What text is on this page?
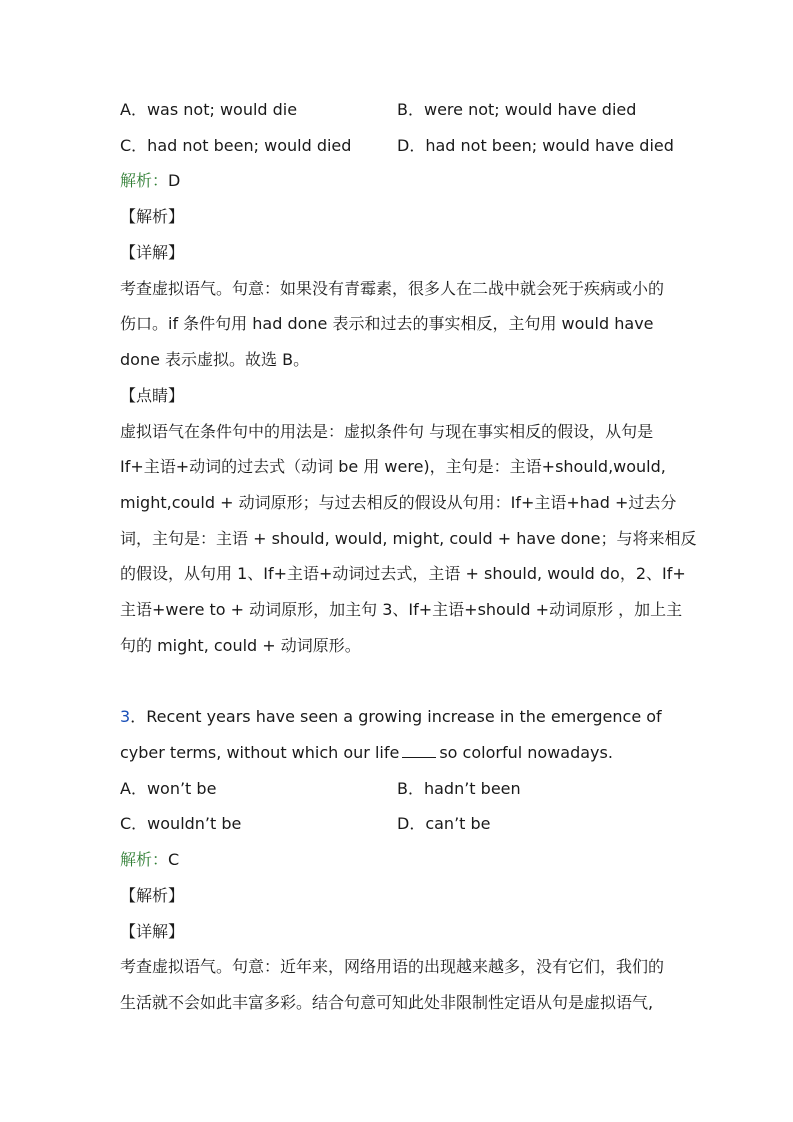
A．was not; would die	B．were not; would have died
C．had not been; would died	D．had not been; would have died
解析：D
【解析】
【详解】
考查虚拟语气。句意：如果没有青霉素，很多人在二战中就会死于疾病或小的
伤口。if 条件句用 had done 表示和过去的事实相反，主句用 would have
done 表示虚拟。故选 B。
【点睛】
虚拟语气在条件句中的用法是：虚拟条件句 与现在事实相反的假设，从句是
If+主语+动词的过去式（动词 be 用 were)，主句是：主语+should,would,
might,could + 动词原形；与过去相反的假设从句用：If+主语+had +过去分
词，主句是：主语 + should, would, might, could + have done；与将来相反
的假设，从句用 1、If+主语+动词过去式，主语 + should, would do，2、If+
主语+were to + 动词原形，加主句 3、If+主语+should +动词原形 ，加上主
句的 might, could + 动词原形。
3．Recent years have seen a growing increase in the emergence of
cyber terms, without which our life	so colorful nowadays.
A．won’t be	B．hadn’t been
C．wouldn’t be	D．can’t be
解析：C
【解析】
【详解】
考查虚拟语气。句意：近年来，网络用语的出现越来越多，没有它们，我们的
生活就不会如此丰富多彩。结合句意可知此处非限制性定语从句是虚拟语气,
